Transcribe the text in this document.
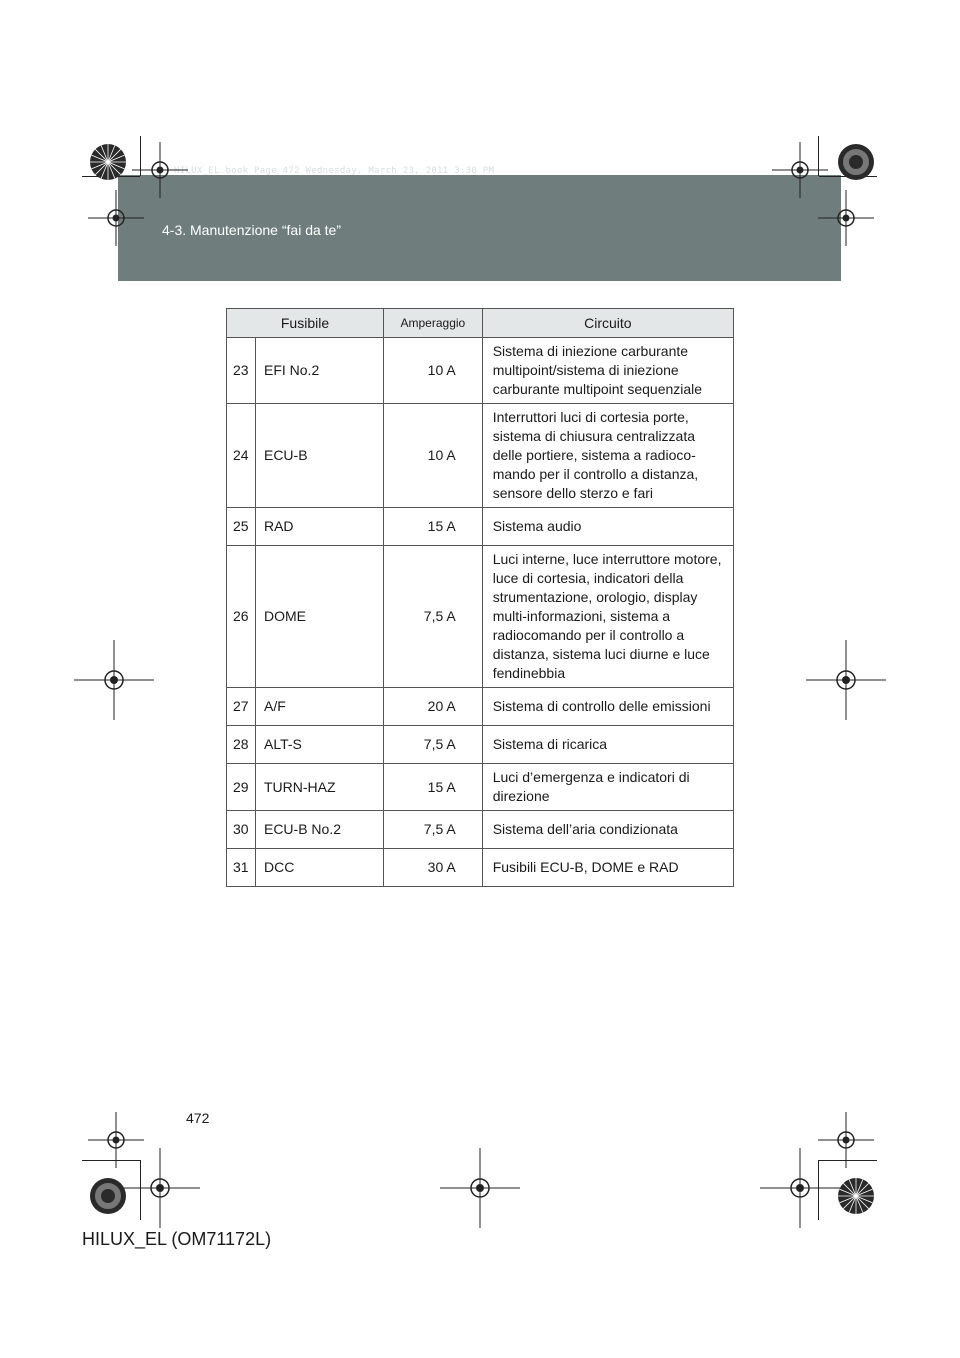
HILUX_EL.book Page 472 Wednesday, March 23, 2011 3:30 PM
4-3. Manutenzione “fai da te”
Fusibile		Amperaggio	Circuito
23	EFI No.2	10 A	Sistema di iniezione carburante multipoint/sistema di iniezione carburante multipoint sequenziale
24	ECU-B	10 A	Interruttori luci di cortesia porte, sistema di chiusura centralizzata delle portiere, sistema a radioco-mando per il controllo a distanza, sensore dello sterzo e fari
25	RAD	15 A	Sistema audio
26	DOME	7,5 A	Luci interne, luce interruttore motore, luce di cortesia, indicatori della strumentazione, orologio, display multi-informazioni, sistema a radiocomando per il controllo a distanza, sistema luci diurne e luce fendinebbia
27	A/F	20 A	Sistema di controllo delle emissioni
28	ALT-S	7,5 A	Sistema di ricarica
29	TURN-HAZ	15 A	Luci d’emergenza e indicatori di direzione
30	ECU-B No.2	7,5 A	Sistema dell’aria condizionata
31	DCC	30 A	Fusibili ECU-B, DOME e RAD
472
HILUX_EL (OM71172L)
